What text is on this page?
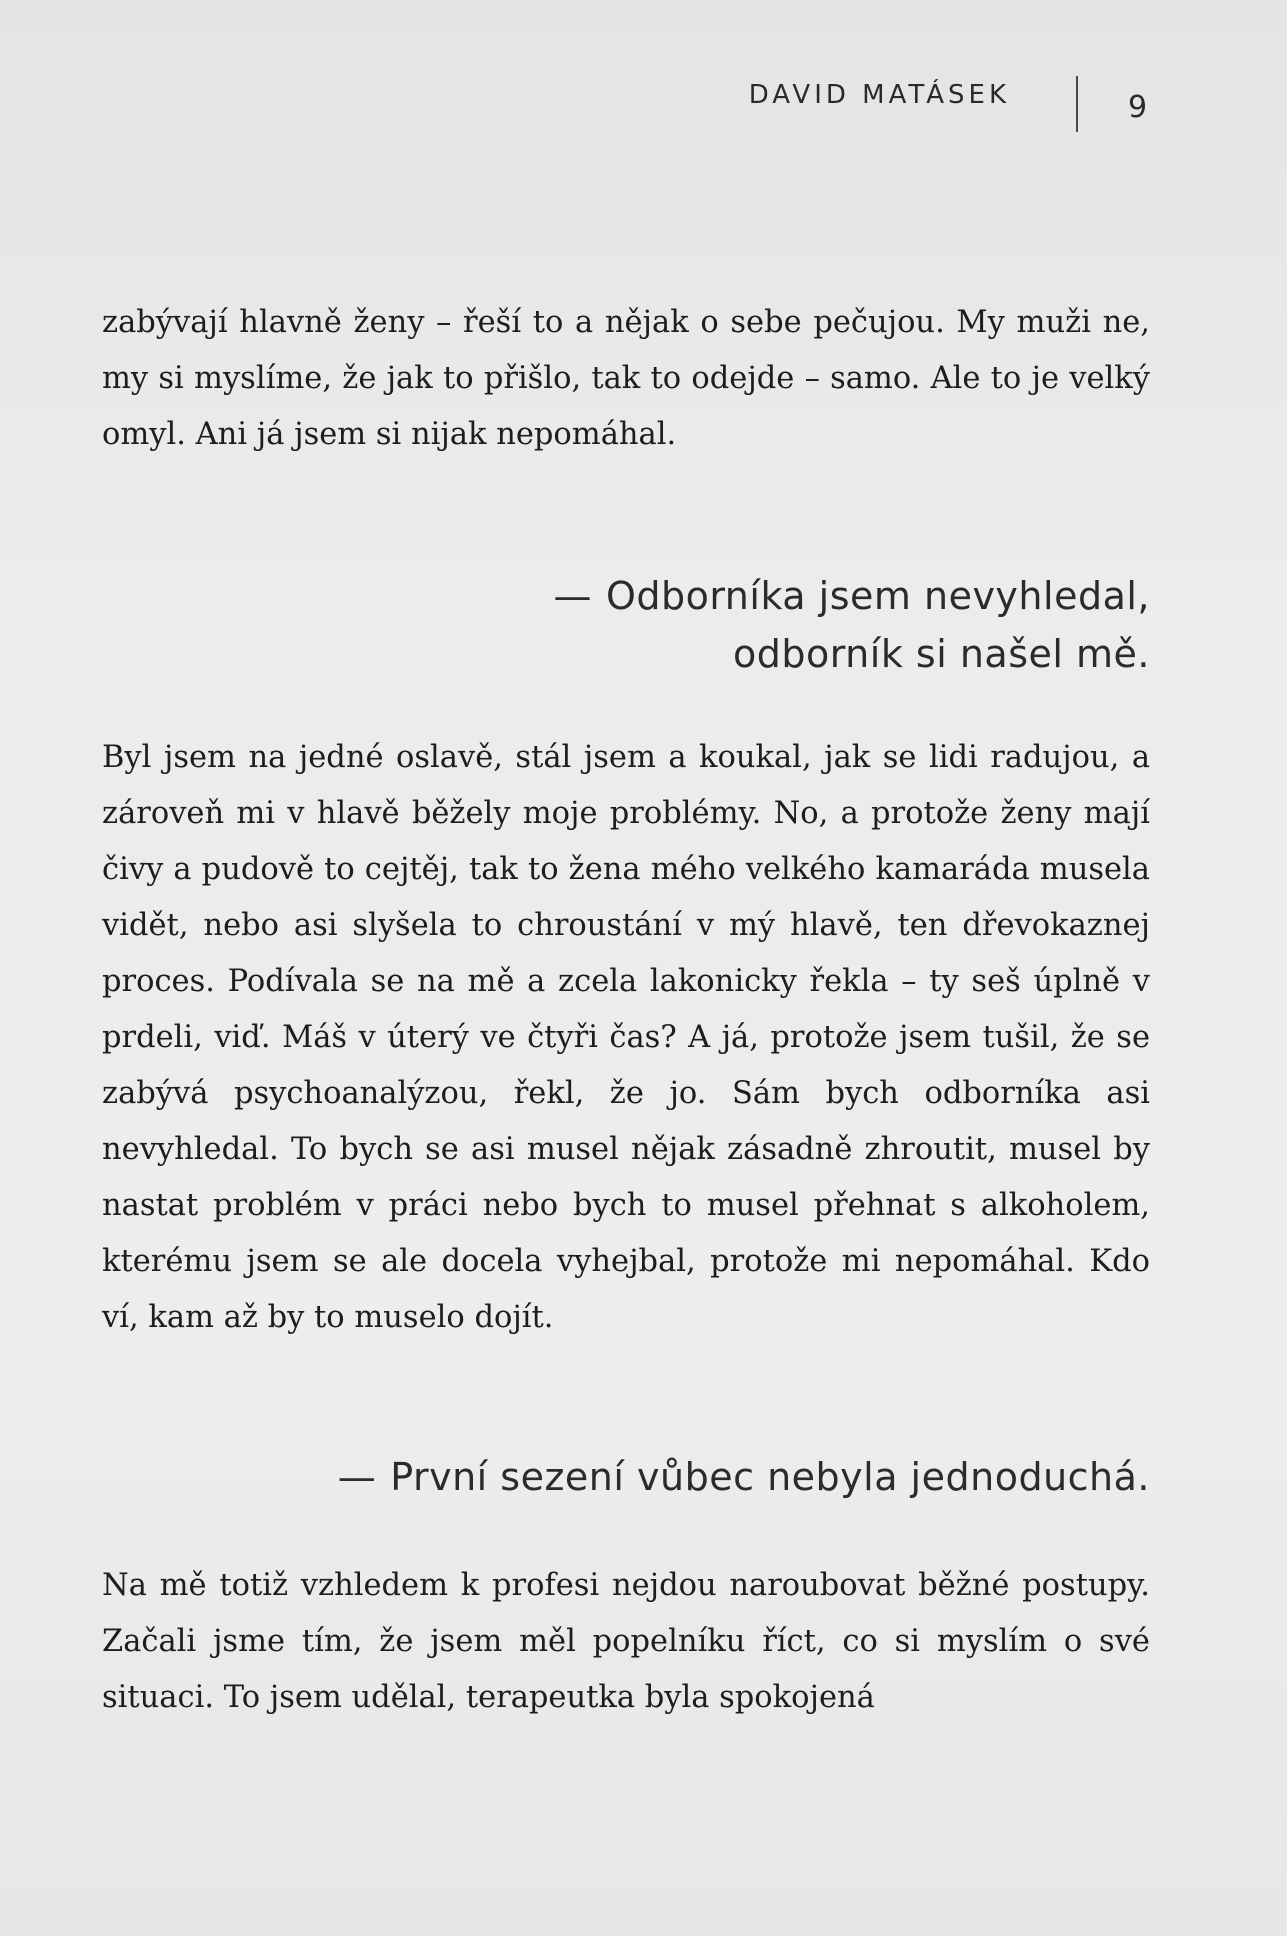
DAVID MATÁSEK	9

zabývají hlavně ženy – řeší to a nějak o sebe pečujou. My muži ne, my si myslíme, že jak to přišlo, tak to odejde – samo. Ale to je velký omyl. Ani já jsem si nijak nepomáhal.

— Odborníka jsem nevyhledal,
odborník si našel mě.

Byl jsem na jedné oslavě, stál jsem a koukal, jak se lidi radujou, a zároveň mi v hlavě běžely moje problémy. No, a protože ženy mají čivy a pudově to cejtěj, tak to žena mého velkého kamaráda musela vidět, nebo asi slyšela to chroustání v mý hlavě, ten dřevokaznej proces. Podívala se na mě a zcela lakonicky řekla – ty seš úplně v prdeli, viď. Máš v úterý ve čtyři čas? A já, protože jsem tušil, že se zabývá psychoanalýzou, řekl, že jo. Sám bych odborníka asi nevyhledal. To bych se asi musel nějak zásadně zhroutit, musel by nastat problém v práci nebo bych to musel přehnat s alkoholem, kterému jsem se ale docela vyhejbal, protože mi nepomáhal. Kdo ví, kam až by to muselo dojít.

— První sezení vůbec nebyla jednoduchá.

Na mě totiž vzhledem k profesi nejdou naroubovat běžné postupy. Začali jsme tím, že jsem měl popelníku říct, co si myslím o své situaci. To jsem udělal, terapeutka byla spokojená
